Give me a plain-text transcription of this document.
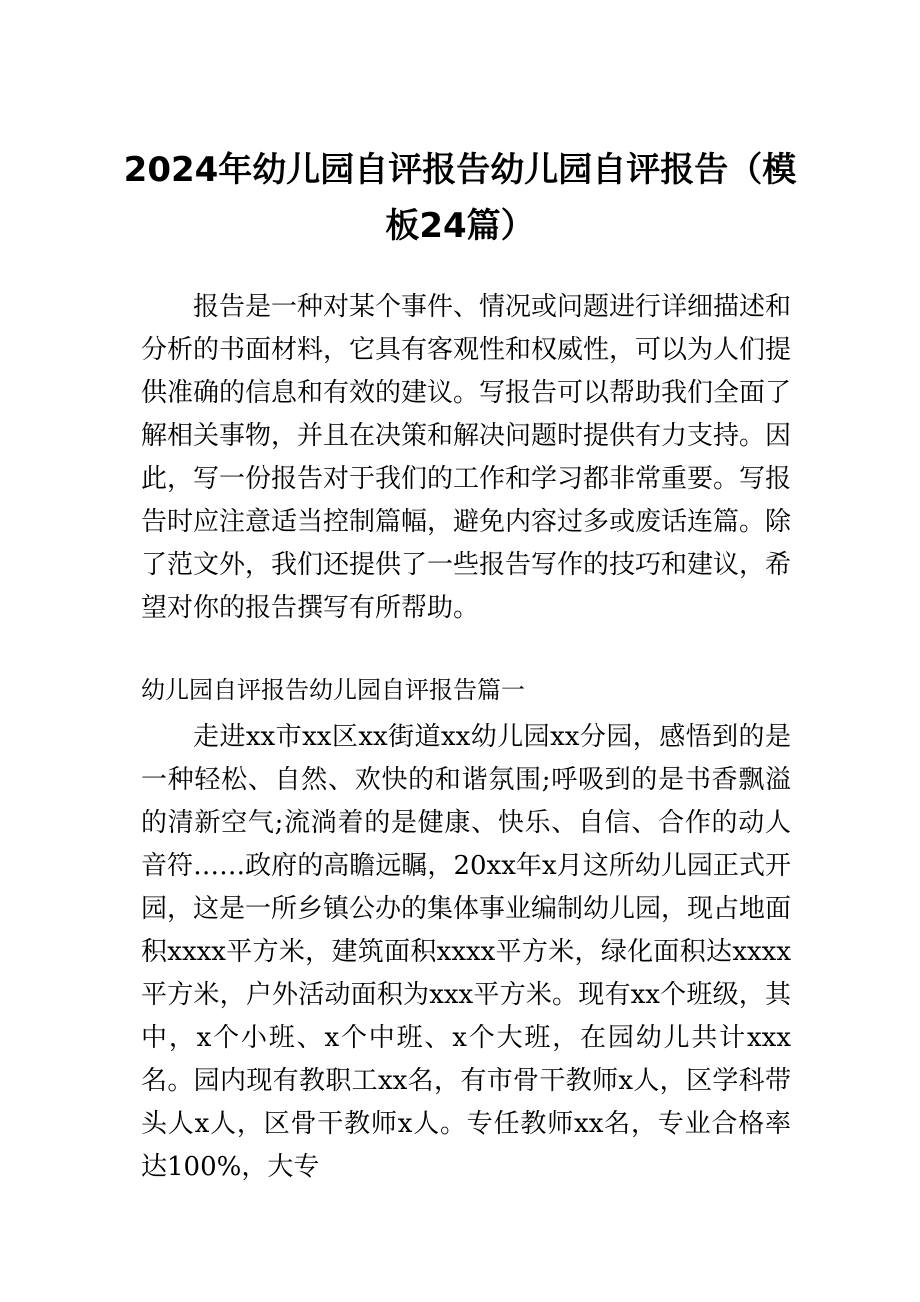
2024年幼儿园自评报告幼儿园自评报告（模板24篇）

报告是一种对某个事件、情况或问题进行详细描述和分析的书面材料，它具有客观性和权威性，可以为人们提供准确的信息和有效的建议。写报告可以帮助我们全面了解相关事物，并且在决策和解决问题时提供有力支持。因此，写一份报告对于我们的工作和学习都非常重要。写报告时应注意适当控制篇幅，避免内容过多或废话连篇。除了范文外，我们还提供了一些报告写作的技巧和建议，希望对你的报告撰写有所帮助。

幼儿园自评报告幼儿园自评报告篇一

走进xx市xx区xx街道xx幼儿园xx分园，感悟到的是一种轻松、自然、欢快的和谐氛围;呼吸到的是书香飘溢的清新空气;流淌着的是健康、快乐、自信、合作的动人音符……政府的高瞻远瞩，20xx年x月这所幼儿园正式开园，这是一所乡镇公办的集体事业编制幼儿园，现占地面积xxxx平方米，建筑面积xxxx平方米，绿化面积达xxxx平方米，户外活动面积为xxx平方米。现有xx个班级，其中，x个小班、x个中班、x个大班，在园幼儿共计xxx名。园内现有教职工xx名，有市骨干教师x人，区学科带头人x人，区骨干教师x人。专任教师xx名，专业合格率达100%，大专
